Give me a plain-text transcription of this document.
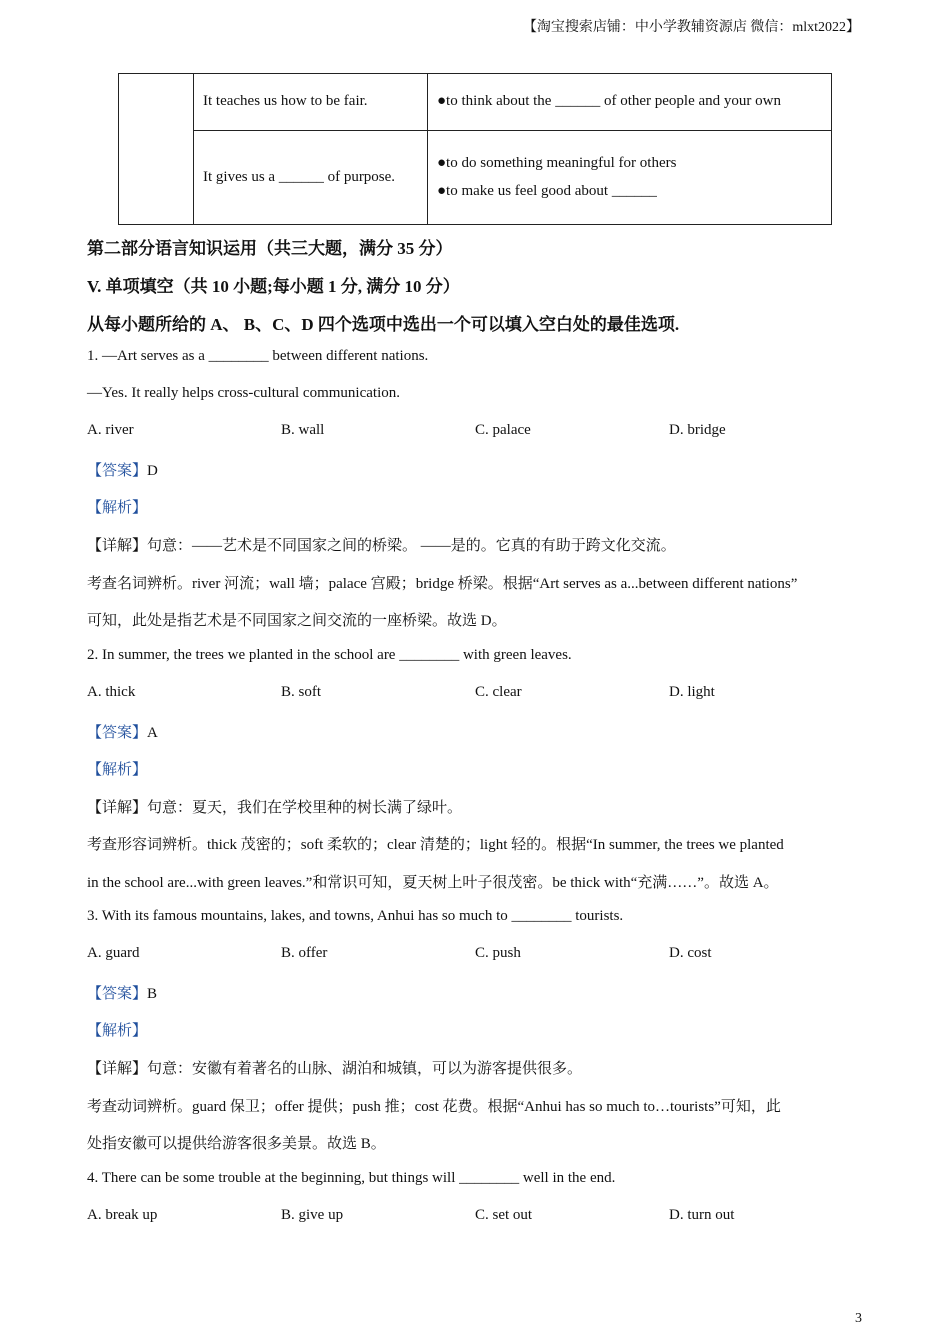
【淘宝搜索店铺：中小学教辅资源店 微信：mlxt2022】
	It teaches us how to be fair.	●to think about the ______ of other people and your own
	It gives us a ______ of purpose.	●to do something meaningful for others
●to make us feel good about ______
第二部分语言知识运用（共三大题，满分 35 分）
V. 单项填空（共 10 小题;每小题 1 分, 满分 10 分）
从每小题所给的 A、 B、C、D 四个选项中选出一个可以填入空白处的最佳选项.
1. —Art serves as a ________ between different nations.
—Yes. It really helps cross-cultural communication.
A. river	B. wall	C. palace	D. bridge
【答案】D
【解析】
【详解】句意：——艺术是不同国家之间的桥梁。 ——是的。它真的有助于跨文化交流。
考查名词辨析。river 河流；wall 墙；palace 宫殿；bridge 桥梁。根据“Art serves as a...between different nations”
可知，此处是指艺术是不同国家之间交流的一座桥梁。故选 D。
2. In summer, the trees we planted in the school are ________ with green leaves.
A. thick	B. soft	C. clear	D. light
【答案】A
【解析】
【详解】句意：夏天，我们在学校里种的树长满了绿叶。
考查形容词辨析。thick 茂密的；soft 柔软的；clear 清楚的；light 轻的。根据“In summer, the trees we planted
in the school are...with green leaves.”和常识可知，夏天树上叶子很茂密。be thick with“充满……”。故选 A。
3. With its famous mountains, lakes, and towns, Anhui has so much to ________ tourists.
A. guard	B. offer	C. push	D. cost
【答案】B
【解析】
【详解】句意：安徽有着著名的山脉、湖泊和城镇，可以为游客提供很多。
考查动词辨析。guard 保卫；offer 提供；push 推；cost 花费。根据“Anhui has so much to…tourists”可知，此
处指安徽可以提供给游客很多美景。故选 B。
4. There can be some trouble at the beginning, but things will ________ well in the end.
A. break up	B. give up	C. set out	D. turn out
3
